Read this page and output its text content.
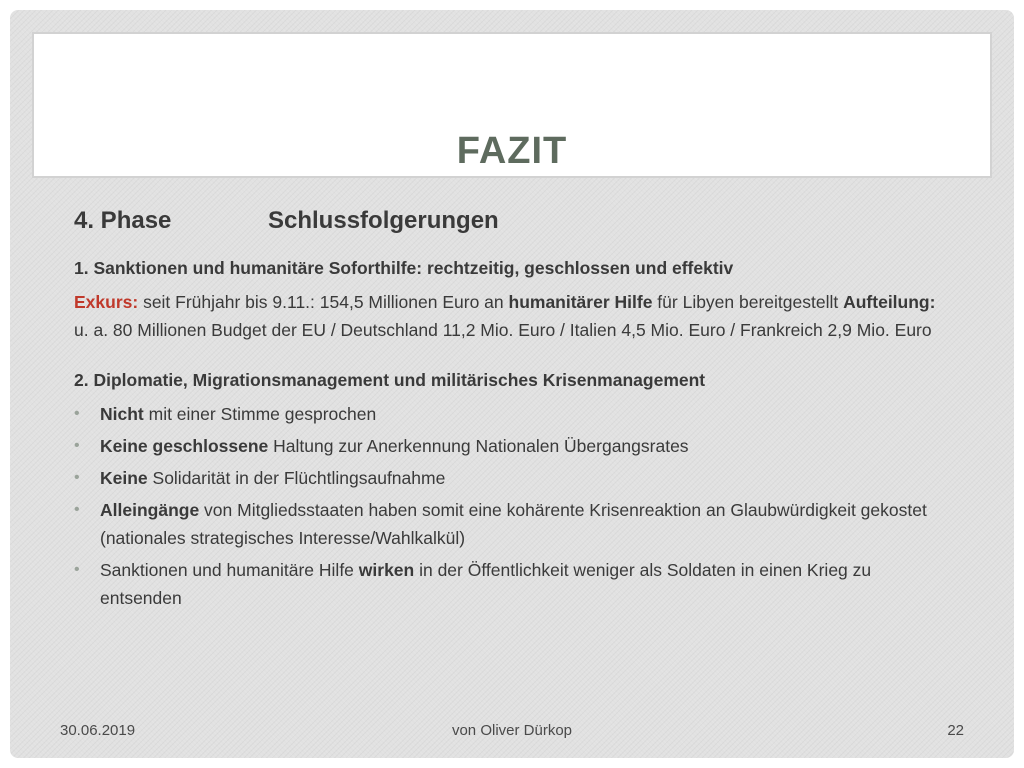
FAZIT
4. Phase	Schlussfolgerungen

1. Sanktionen und humanitäre Soforthilfe: rechtzeitig, geschlossen und effektiv

Exkurs: seit Frühjahr bis 9.11.: 154,5 Millionen Euro an humanitärer Hilfe für Libyen bereitgestellt Aufteilung: u. a. 80 Millionen Budget der EU / Deutschland 11,2 Mio. Euro / Italien 4,5 Mio. Euro / Frankreich 2,9 Mio. Euro

2. Diplomatie, Migrationsmanagement und militärisches Krisenmanagement

• Nicht mit einer Stimme gesprochen
• Keine geschlossene Haltung zur Anerkennung Nationalen Übergangsrates
• Keine Solidarität in der Flüchtlingsaufnahme
• Alleingänge von Mitgliedsstaaten haben somit eine kohärente Krisenreaktion an Glaubwürdigkeit gekostet (nationales strategisches Interesse/Wahlkalkül)
• Sanktionen und humanitäre Hilfe wirken in der Öffentlichkeit weniger als Soldaten in einen Krieg zu entsenden
30.06.2019	von Oliver Dürkop	22
